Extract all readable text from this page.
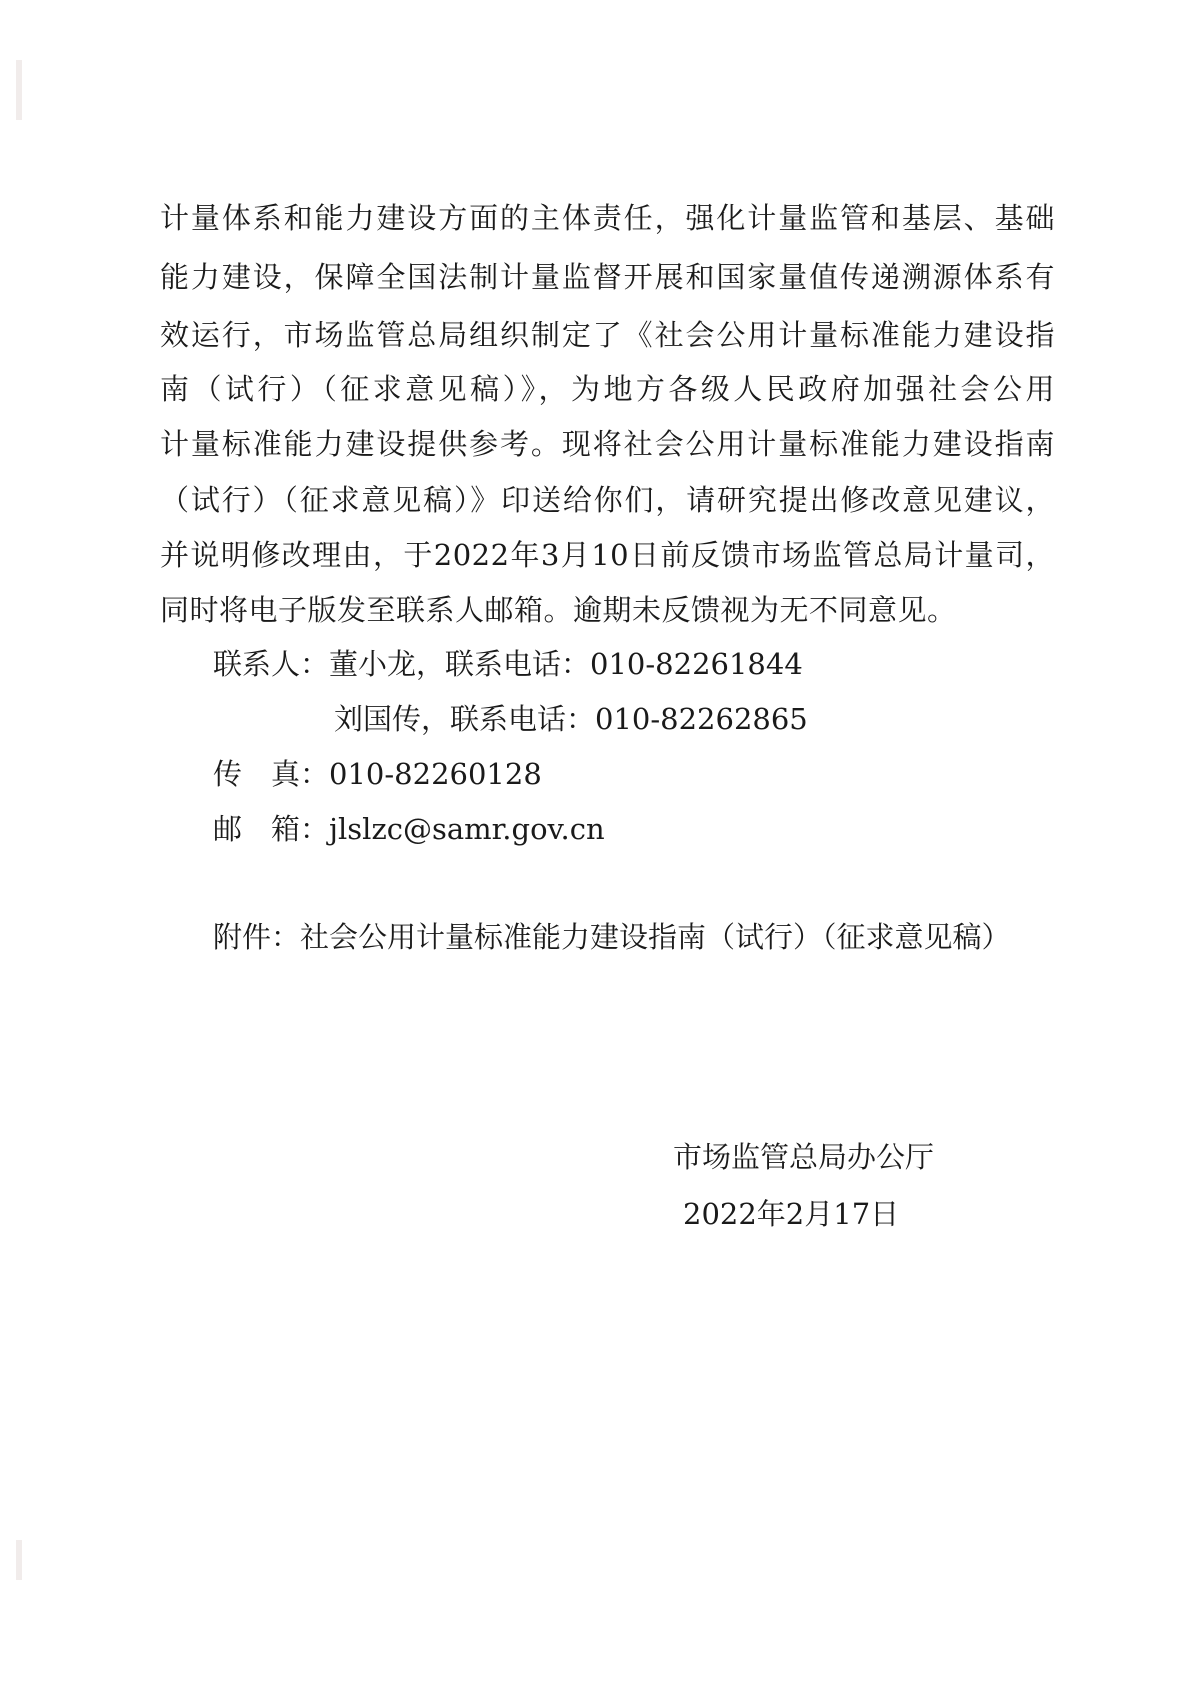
计量体系和能力建设方面的主体责任，强化计量监管和基层、基础
能力建设，保障全国法制计量监督开展和国家量值传递溯源体系有
效运行，市场监管总局组织制定了《社会公用计量标准能力建设指
南（试行）（征求意见稿）》，为地方各级人民政府加强社会公用
计量标准能力建设提供参考。现将社会公用计量标准能力建设指南
（试行）（征求意见稿）》印送给你们，请研究提出修改意见建议，
并说明修改理由，于2022年3月10日前反馈市场监管总局计量司，
同时将电子版发至联系人邮箱。逾期未反馈视为无不同意见。
联系人：董小龙，联系电话：010-82261844
刘国传，联系电话：010-82262865
传　真：010-82260128
邮　箱：jlslzc@samr.gov.cn
附件：社会公用计量标准能力建设指南（试行）（征求意见稿）
市场监管总局办公厅
2022年2月17日
